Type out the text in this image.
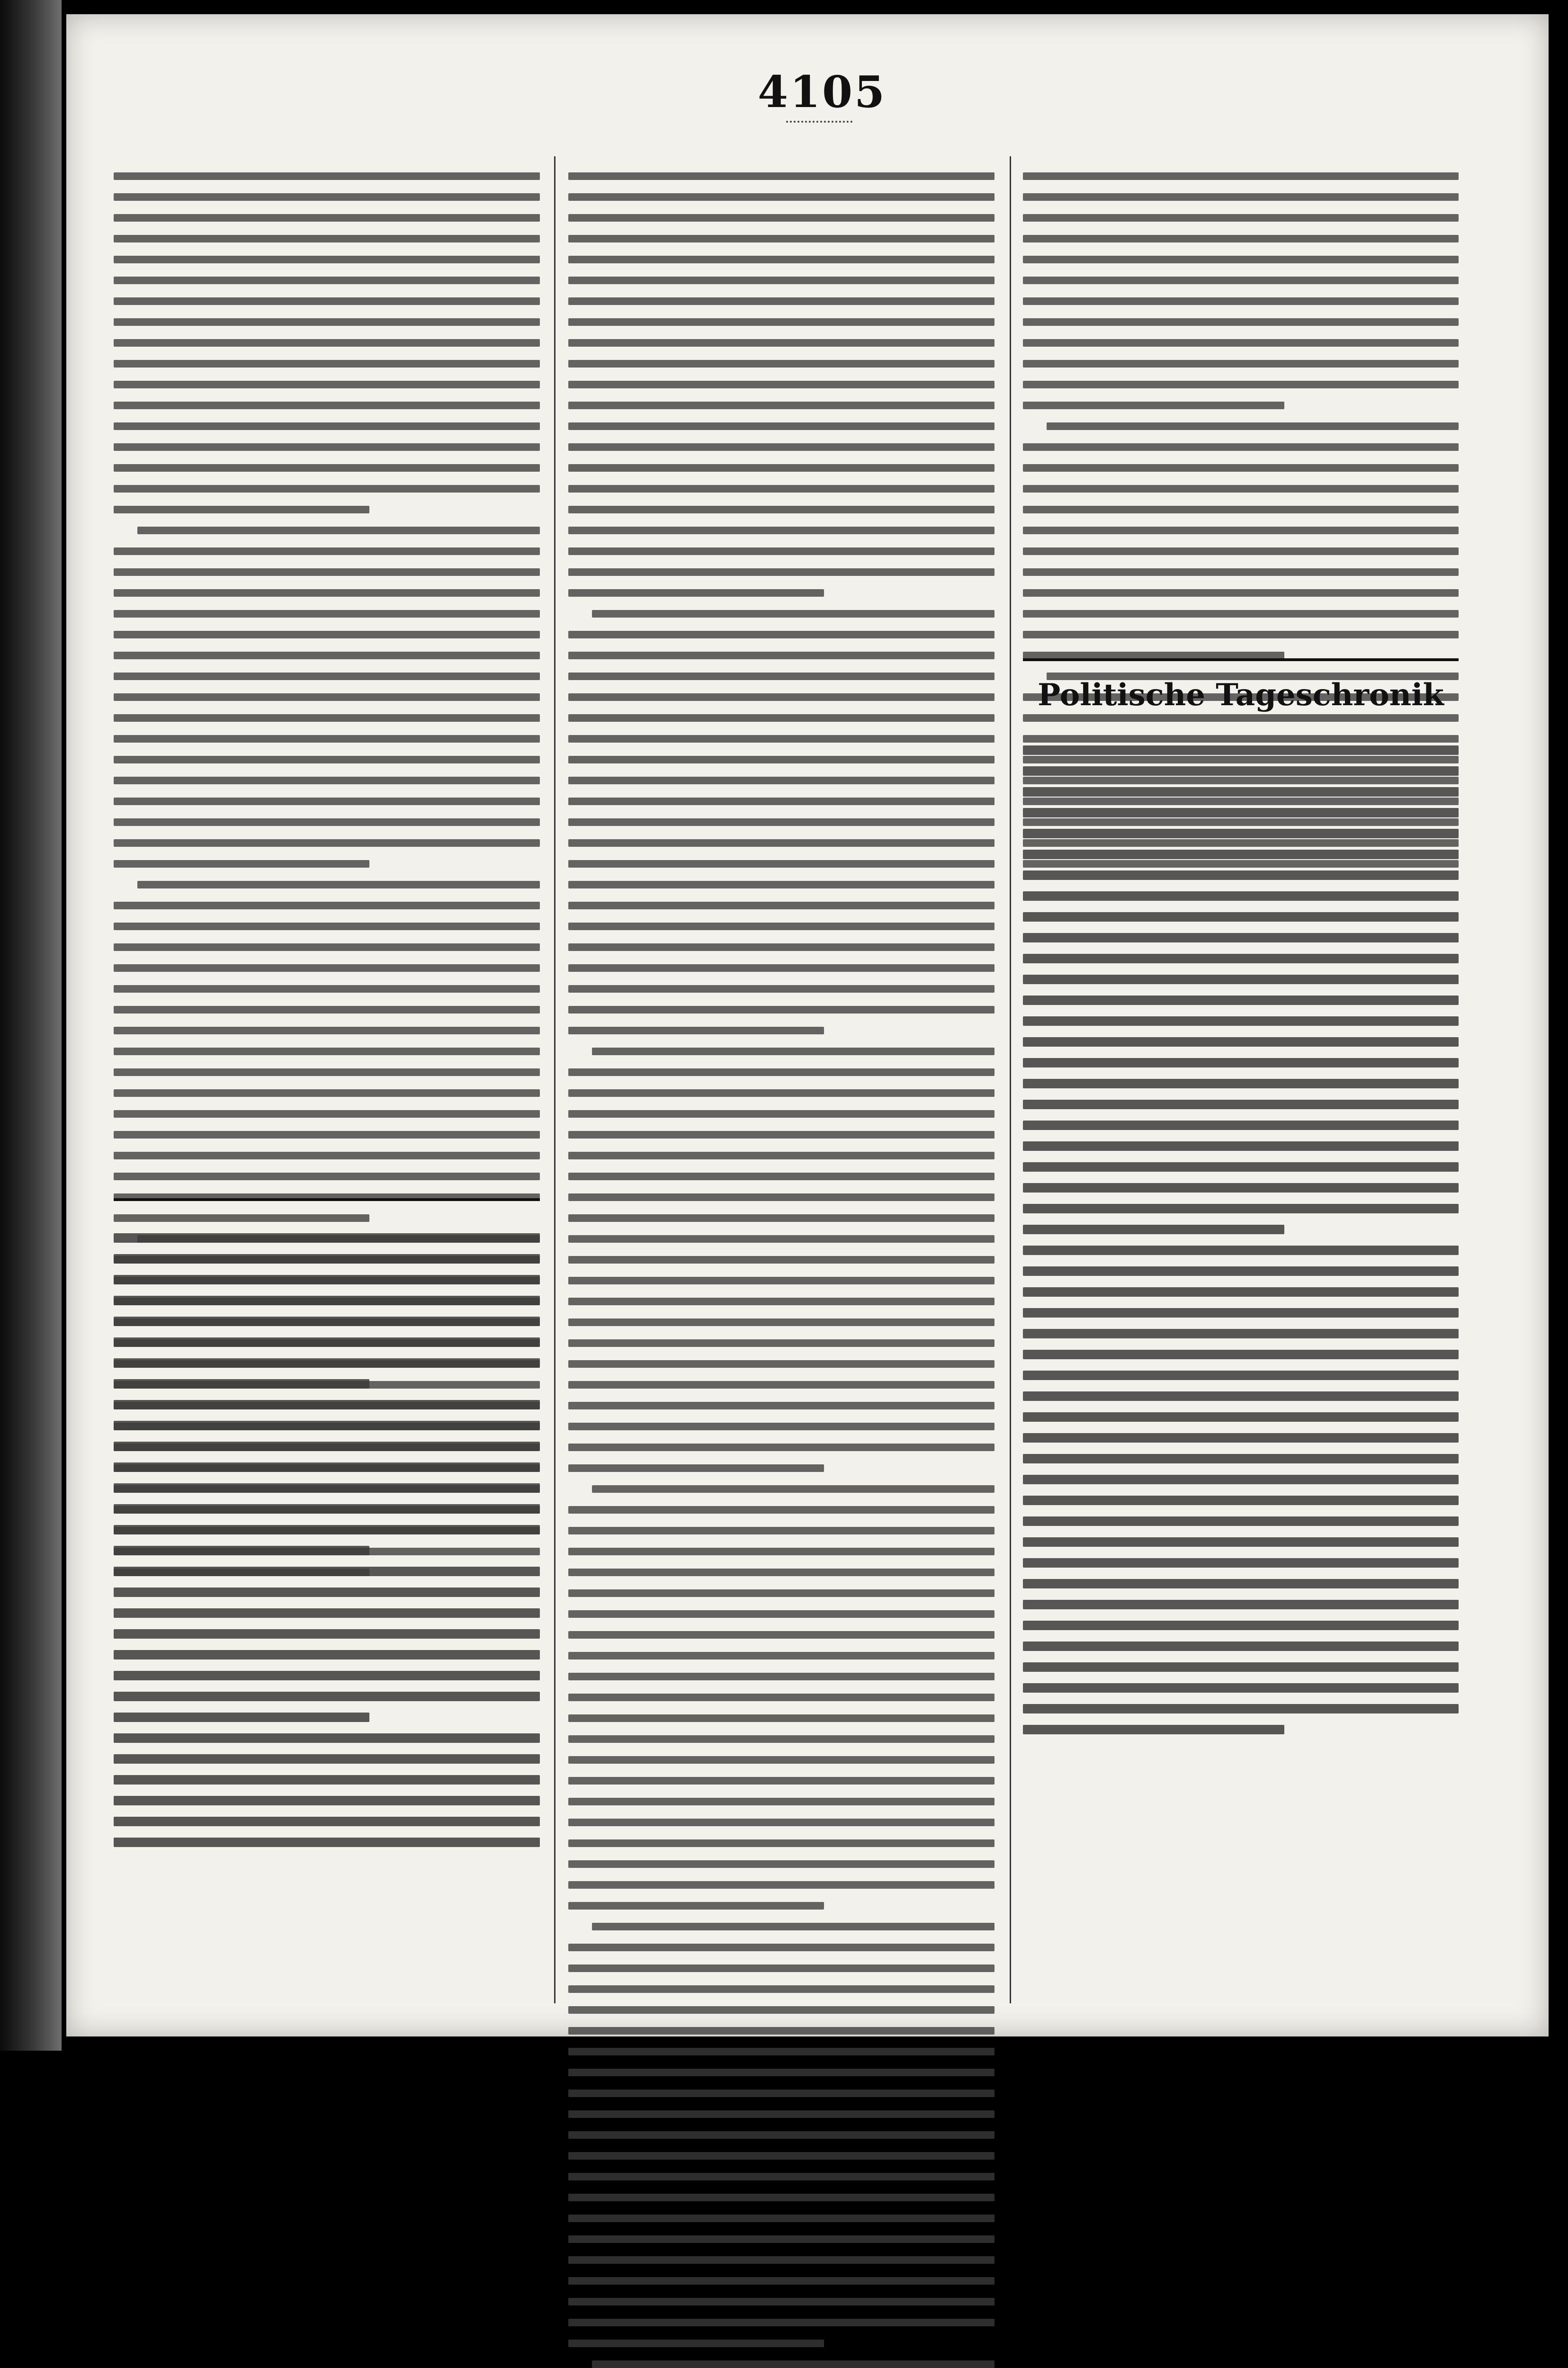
4105
Politische Tageschronik
